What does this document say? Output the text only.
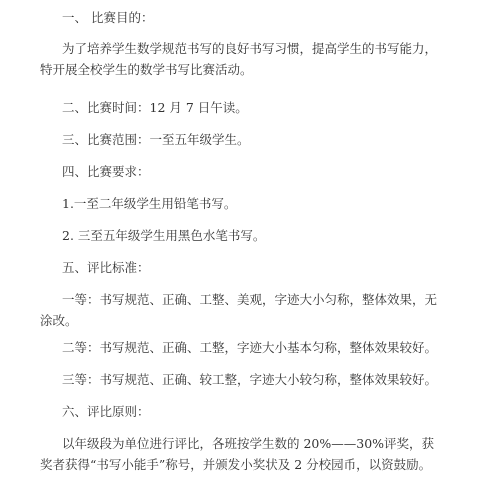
一、 比赛目的：
为了培养学生数学规范书写的良好书写习惯，提高学生的书写能力，特开展全校学生的数学书写比赛活动。
二、比赛时间：12 月 7 日午读。
三、比赛范围：一至五年级学生。
四、比赛要求：
1.一至二年级学生用铅笔书写。
2. 三至五年级学生用黑色水笔书写。
五、评比标准：
一等：书写规范、正确、工整、美观，字迹大小匀称，整体效果，无涂改。
二等：书写规范、正确、工整，字迹大小基本匀称，整体效果较好。
三等：书写规范、正确、较工整，字迹大小较匀称，整体效果较好。
六、评比原则：
以年级段为单位进行评比，各班按学生数的 20%——30%评奖，获奖者获得“书写小能手”称号，并颁发小奖状及 2 分校园币，以资鼓励。
